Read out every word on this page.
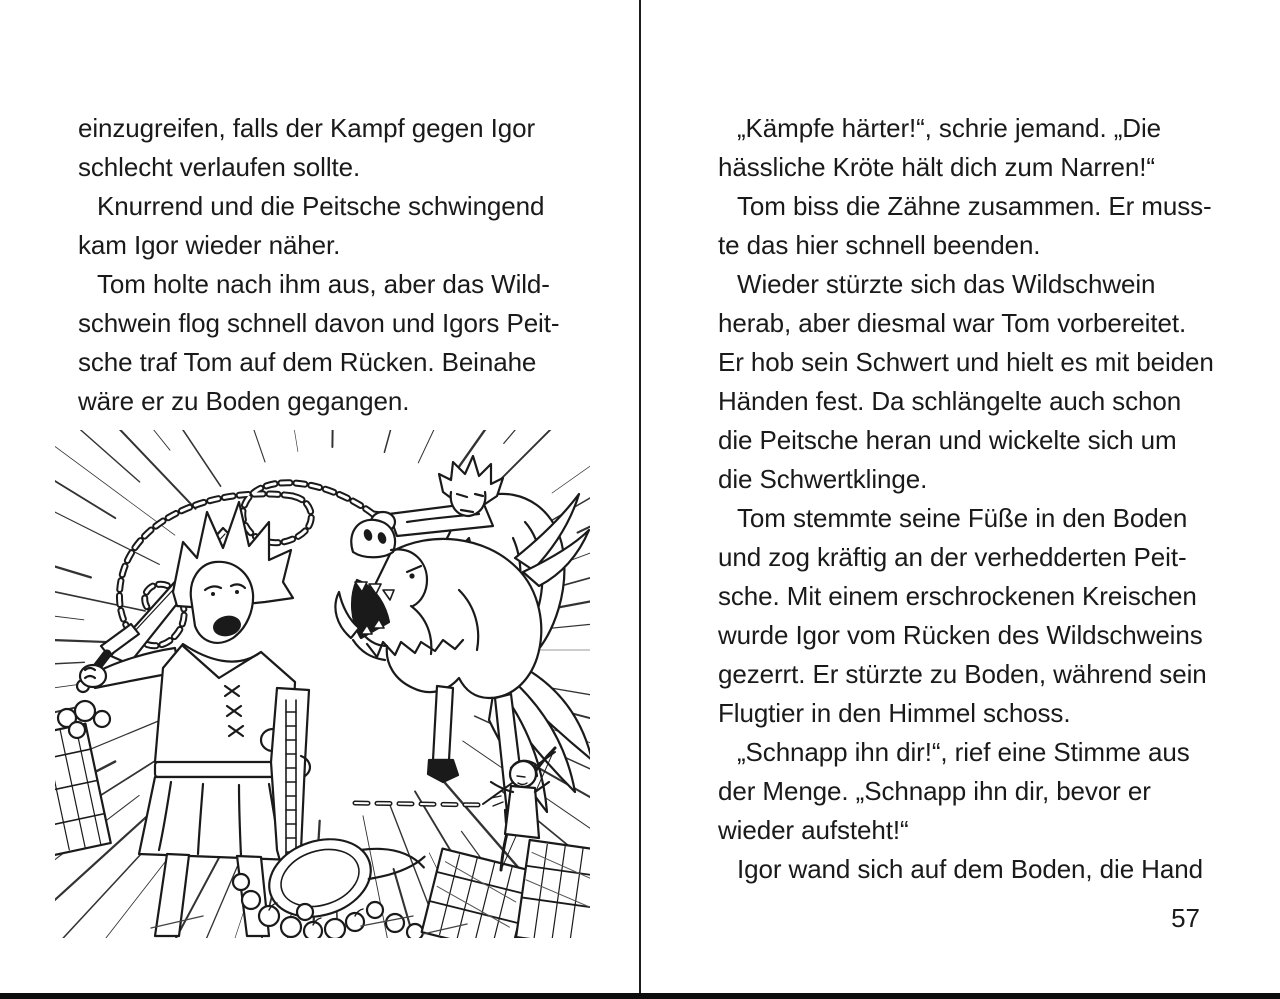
einzugreifen, falls der Kampf gegen Igor
schlecht verlaufen sollte.
Knurrend und die Peitsche schwingend
kam Igor wieder näher.
Tom holte nach ihm aus, aber das Wild-
schwein flog schnell davon und Igors Peit-
sche traf Tom auf dem Rücken. Beinahe
wäre er zu Boden gegangen.
„Kämpfe härter!“, schrie jemand. „Die
hässliche Kröte hält dich zum Narren!“
Tom biss die Zähne zusammen. Er muss-
te das hier schnell beenden.
Wieder stürzte sich das Wildschwein
herab, aber diesmal war Tom vorbereitet.
Er hob sein Schwert und hielt es mit beiden
Händen fest. Da schlängelte auch schon
die Peitsche heran und wickelte sich um
die Schwertklinge.
Tom stemmte seine Füße in den Boden
und zog kräftig an der verhedderten Peit-
sche. Mit einem erschrockenen Kreischen
wurde Igor vom Rücken des Wildschweins
gezerrt. Er stürzte zu Boden, während sein
Flugtier in den Himmel schoss.
„Schnapp ihn dir!“, rief eine Stimme aus
der Menge. „Schnapp ihn dir, bevor er
wieder aufsteht!“
Igor wand sich auf dem Boden, die Hand
57
